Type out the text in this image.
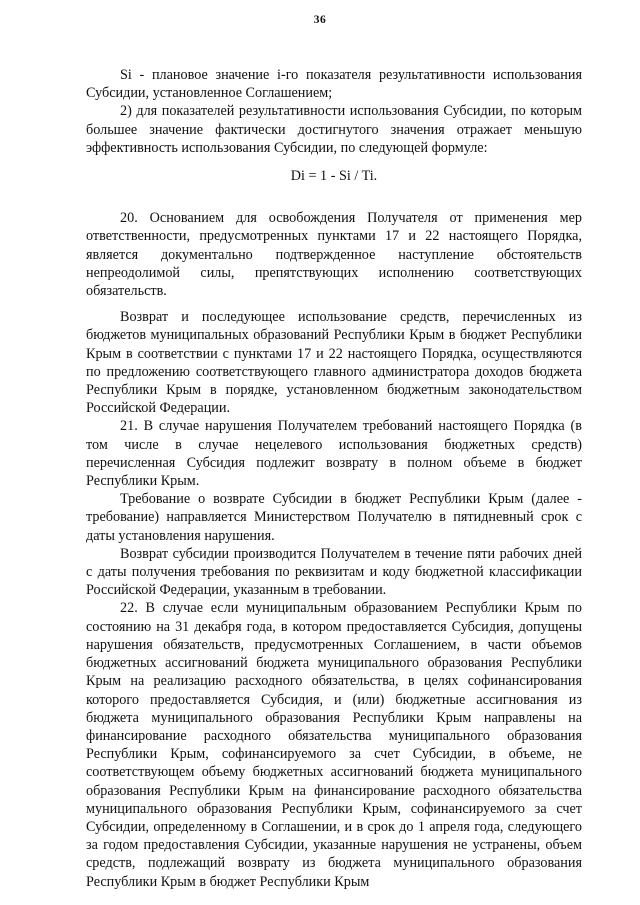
36

Si - плановое значение i-го показателя результативности использования Субсидии, установленное Соглашением;

2) для показателей результативности использования Субсидии, по которым большее значение фактически достигнутого значения отражает меньшую эффективность использования Субсидии, по следующей формуле:

Di = 1 - Si / Ti.

20. Основанием для освобождения Получателя от применения мер ответственности, предусмотренных пунктами 17 и 22 настоящего Порядка, является документально подтвержденное наступление обстоятельств непреодолимой силы, препятствующих исполнению соответствующих обязательств.

Возврат и последующее использование средств, перечисленных из бюджетов муниципальных образований Республики Крым в бюджет Республики Крым в соответствии с пунктами 17 и 22 настоящего Порядка, осуществляются по предложению соответствующего главного администратора доходов бюджета Республики Крым в порядке, установленном бюджетным законодательством Российской Федерации.

21. В случае нарушения Получателем требований настоящего Порядка (в том числе в случае нецелевого использования бюджетных средств) перечисленная Субсидия подлежит возврату в полном объеме в бюджет Республики Крым.

Требование о возврате Субсидии в бюджет Республики Крым (далее - требование) направляется Министерством Получателю в пятидневный срок с даты установления нарушения.

Возврат субсидии производится Получателем в течение пяти рабочих дней с даты получения требования по реквизитам и коду бюджетной классификации Российской Федерации, указанным в требовании.

22. В случае если муниципальным образованием Республики Крым по состоянию на 31 декабря года, в котором предоставляется Субсидия, допущены нарушения обязательств, предусмотренных Соглашением, в части объемов бюджетных ассигнований бюджета муниципального образования Республики Крым на реализацию расходного обязательства, в целях софинансирования которого предоставляется Субсидия, и (или) бюджетные ассигнования из бюджета муниципального образования Республики Крым направлены на финансирование расходного обязательства муниципального образования Республики Крым, софинансируемого за счет Субсидии, в объеме, не соответствующем объему бюджетных ассигнований бюджета муниципального образования Республики Крым на финансирование расходного обязательства муниципального образования Республики Крым, софинансируемого за счет Субсидии, определенному в Соглашении, и в срок до 1 апреля года, следующего за годом предоставления Субсидии, указанные нарушения не устранены, объем средств, подлежащий возврату из бюджета муниципального образования Республики Крым в бюджет Республики Крым
